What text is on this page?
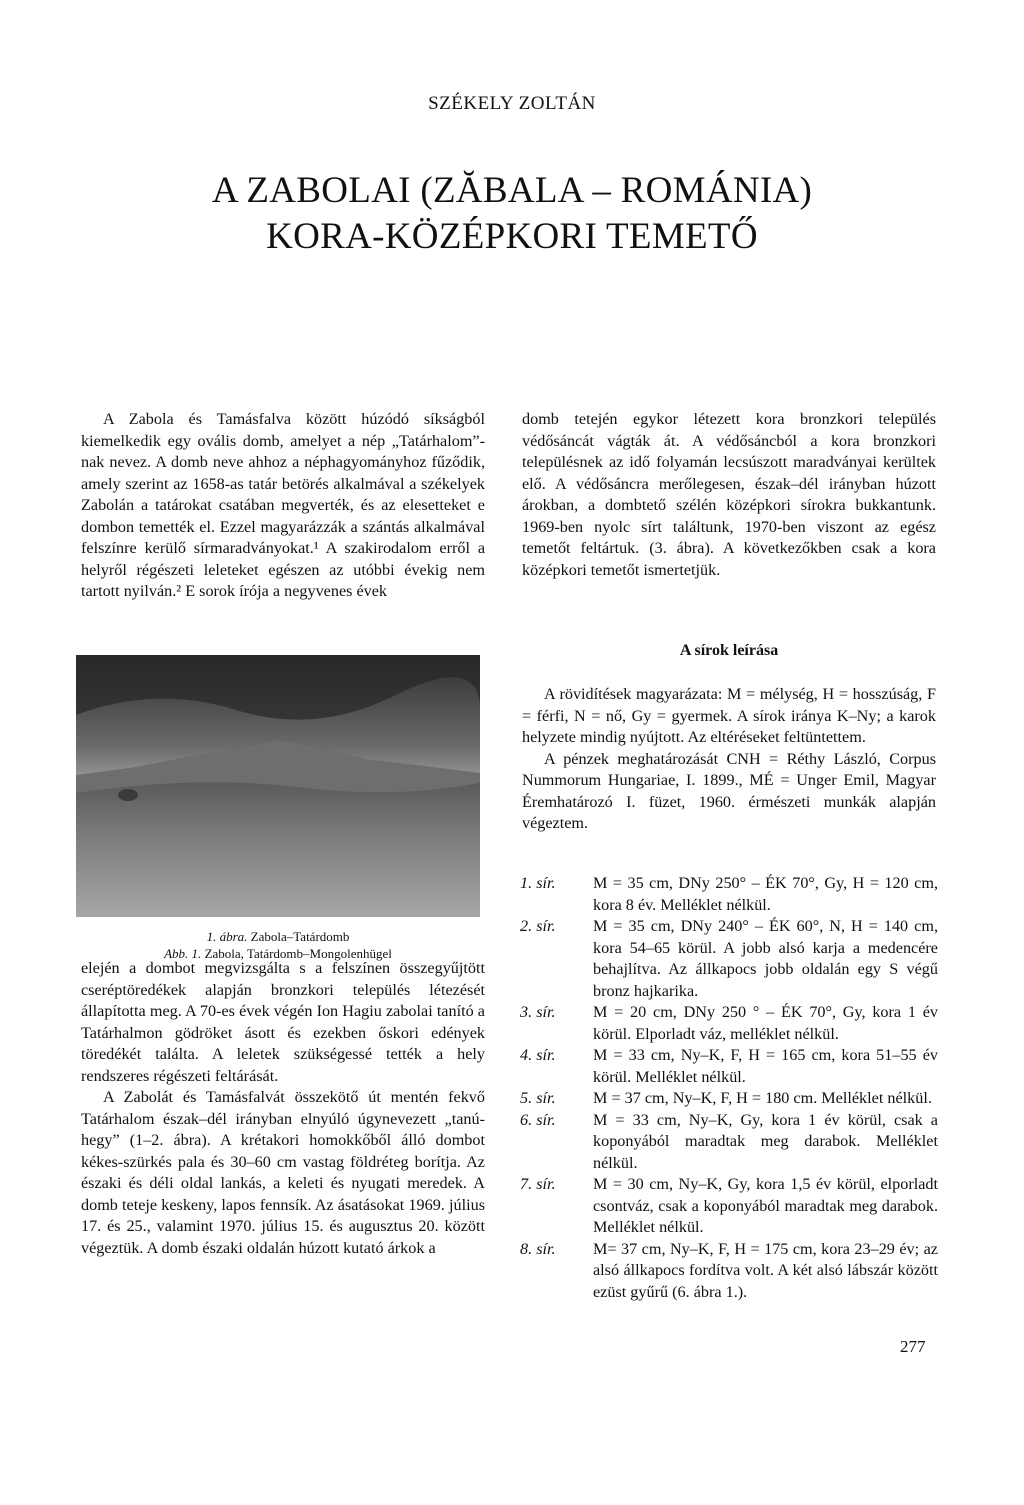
SZÉKELY ZOLTÁN
A ZABOLAI (ZĂBALA – ROMÁNIA)
KORA-KÖZÉPKORI TEMETŐ

A Zabola és Tamásfalva között húzódó síkságból kiemelkedik egy ovális domb, amelyet a nép „Tatárhalom”-nak nevez. A domb neve ahhoz a néphagyományhoz fűződik, amely szerint az 1658-as tatár betörés alkalmával a székelyek Zabolán a tatárokat csatában megverték, és az elesetteket e dombon temették el. Ezzel magyarázzák a szántás alkalmával felszínre kerülő sírmaradványokat.¹ A szakirodalom erről a helyről régészeti leleteket egészen az utóbbi évekig nem tartott nyilván.² E sorok írója a negyvenes évek

domb tetején egykor létezett kora bronzkori település védősáncát vágták át. A védősáncból a kora bronzkori településnek az idő folyamán lecsúszott maradványai kerültek elő. A védősáncra merőlegesen, észak–dél irányban húzott árokban, a dombtető szélén középkori sírokra bukkantunk. 1969-ben nyolc sírt találtunk, 1970-ben viszont az egész temetőt feltártuk. (3. ábra). A következőkben csak a kora középkori temetőt ismertetjük.

1. ábra. Zabola–Tatárdomb
Abb. 1. Zabola, Tatárdomb–Mongolenhügel

elején a dombot megvizsgálta s a felszínen összegyűjtött cseréptöredékek alapján bronzkori település létezését állapította meg. A 70-es évek végén Ion Hagiu zabolai tanító a Tatárhalmon gödröket ásott és ezekben őskori edények töredékét találta. A leletek szükségessé tették a hely rendszeres régészeti feltárását.

A Zabolát és Tamásfalvát összekötő út mentén fekvő Tatárhalom észak–dél irányban elnyúló úgynevezett „tanú-hegy” (1–2. ábra). A krétakori homokkőből álló dombot kékes-szürkés pala és 30–60 cm vastag földréteg borítja. Az északi és déli oldal lankás, a keleti és nyugati meredek. A domb teteje keskeny, lapos fennsík. Az ásatásokat 1969. július 17. és 25., valamint 1970. július 15. és augusztus 20. között végeztük. A domb északi oldalán húzott kutató árkok a

A sírok leírása

A rövidítések magyarázata: M = mélység, H = hosszúság, F = férfi, N = nő, Gy = gyermek. A sírok iránya K–Ny; a karok helyzete mindig nyújtott. Az eltéréseket feltüntettem.

A pénzek meghatározását CNH = Réthy László, Corpus Nummorum Hungariae, I. 1899., MÉ = Unger Emil, Magyar Éremhatározó I. füzet, 1960. érmészeti munkák alapján végeztem.

1. sír.	M = 35 cm, DNy 250° – ÉK 70°, Gy, H = 120 cm, kora 8 év. Melléklet nélkül.
2. sír.	M = 35 cm, DNy 240° – ÉK 60°, N, H = 140 cm, kora 54–65 körül. A jobb alsó karja a medencére behajlítva. Az állkapocs jobb oldalán egy S végű bronz hajkarika.
3. sír.	M = 20 cm, DNy 250 ° – ÉK 70°, Gy, kora 1 év körül. Elporladt váz, melléklet nélkül.
4. sír.	M = 33 cm, Ny–K, F, H = 165 cm, kora 51–55 év körül. Melléklet nélkül.
5. sír.	M = 37 cm, Ny–K, F, H = 180 cm. Melléklet nélkül.
6. sír.	M = 33 cm, Ny–K, Gy, kora 1 év körül, csak a koponyából maradtak meg darabok. Melléklet nélkül.
7. sír.	M = 30 cm, Ny–K, Gy, kora 1,5 év körül, elporladt csontváz, csak a koponyából maradtak meg darabok. Melléklet nélkül.
8. sír.	M= 37 cm, Ny–K, F, H = 175 cm, kora 23–29 év; az alsó állkapocs fordítva volt. A két alsó lábszár között ezüst gyűrű (6. ábra 1.).
277
